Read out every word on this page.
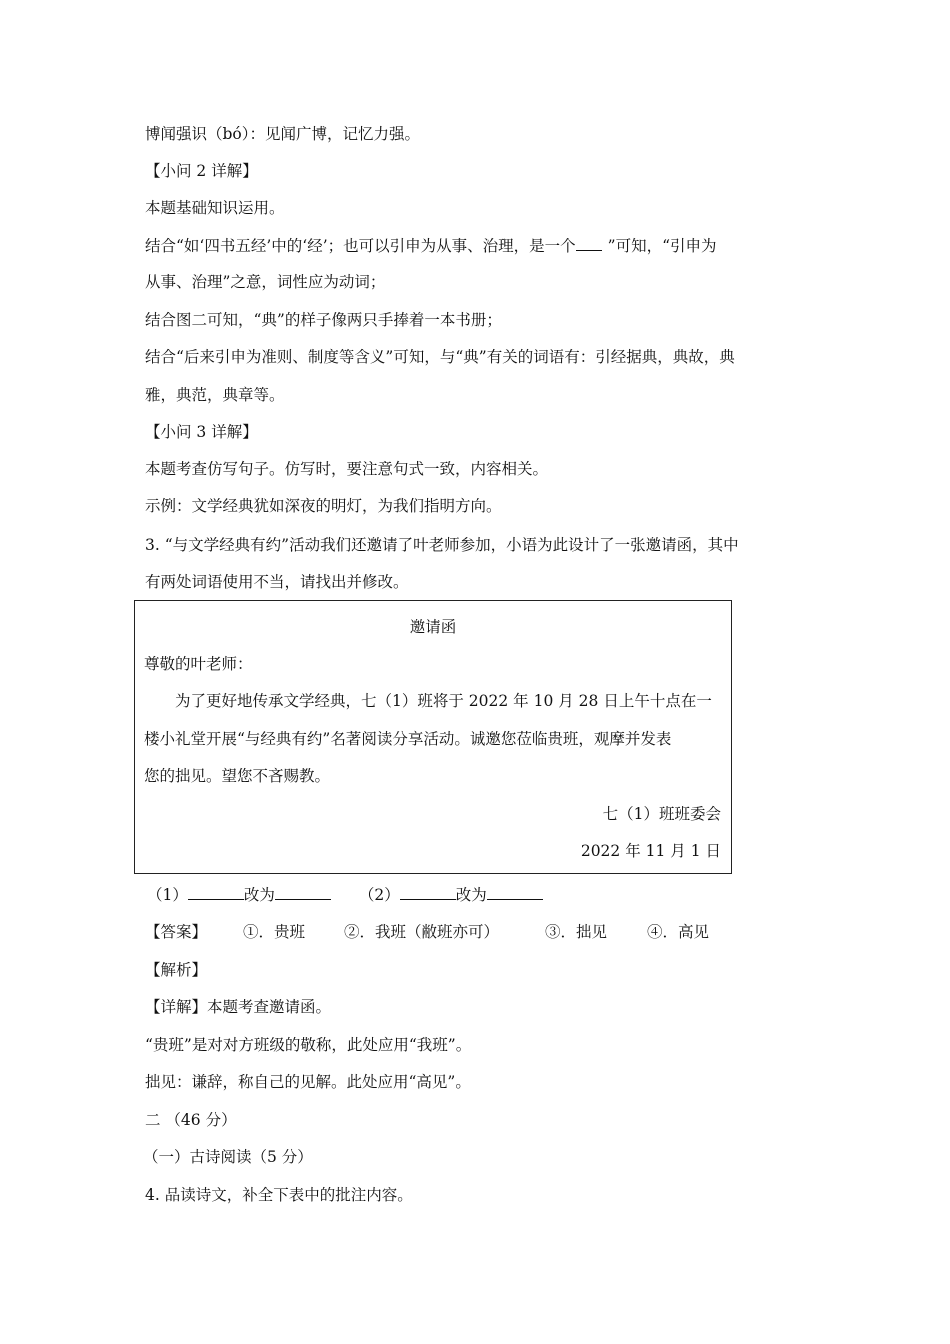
博闻强识（bó）：见闻广博，记忆力强。
【小问 2 详解】
本题基础知识运用。
结合“如‘四书五经’中的‘经’；也可以引申为从事、治理，是一个 ”可知，“引申为
从事、治理”之意，词性应为动词；
结合图二可知，“典”的样子像两只手捧着一本书册；
结合“后来引申为准则、制度等含义”可知，与“典”有关的词语有：引经据典，典故，典
雅，典范，典章等。
【小问 3 详解】
本题考查仿写句子。仿写时，要注意句式一致，内容相关。
示例：文学经典犹如深夜的明灯，为我们指明方向。
3. “与文学经典有约”活动我们还邀请了叶老师参加，小语为此设计了一张邀请函，其中
有两处词语使用不当，请找出并修改。
邀请函
尊敬的叶老师：
为了更好地传承文学经典，七（1）班将于 2022 年 10 月 28 日上午十点在一
楼小礼堂开展“与经典有约”名著阅读分享活动。诚邀您莅临贵班，观摩并发表
您的拙见。望您不吝赐教。
七（1）班班委会
2022 年 11 月 1 日
（1）	改为	（2）	改为
【答案】 ①．贵班	②．我班（敝班亦可）	③．拙见	④．高见
【解析】
【详解】本题考查邀请函。
“贵班”是对对方班级的敬称，此处应用“我班”。
拙见：谦辞，称自己的见解。此处应用“高见”。
二 （46 分）
（一）古诗阅读（5 分）
4. 品读诗文，补全下表中的批注内容。
